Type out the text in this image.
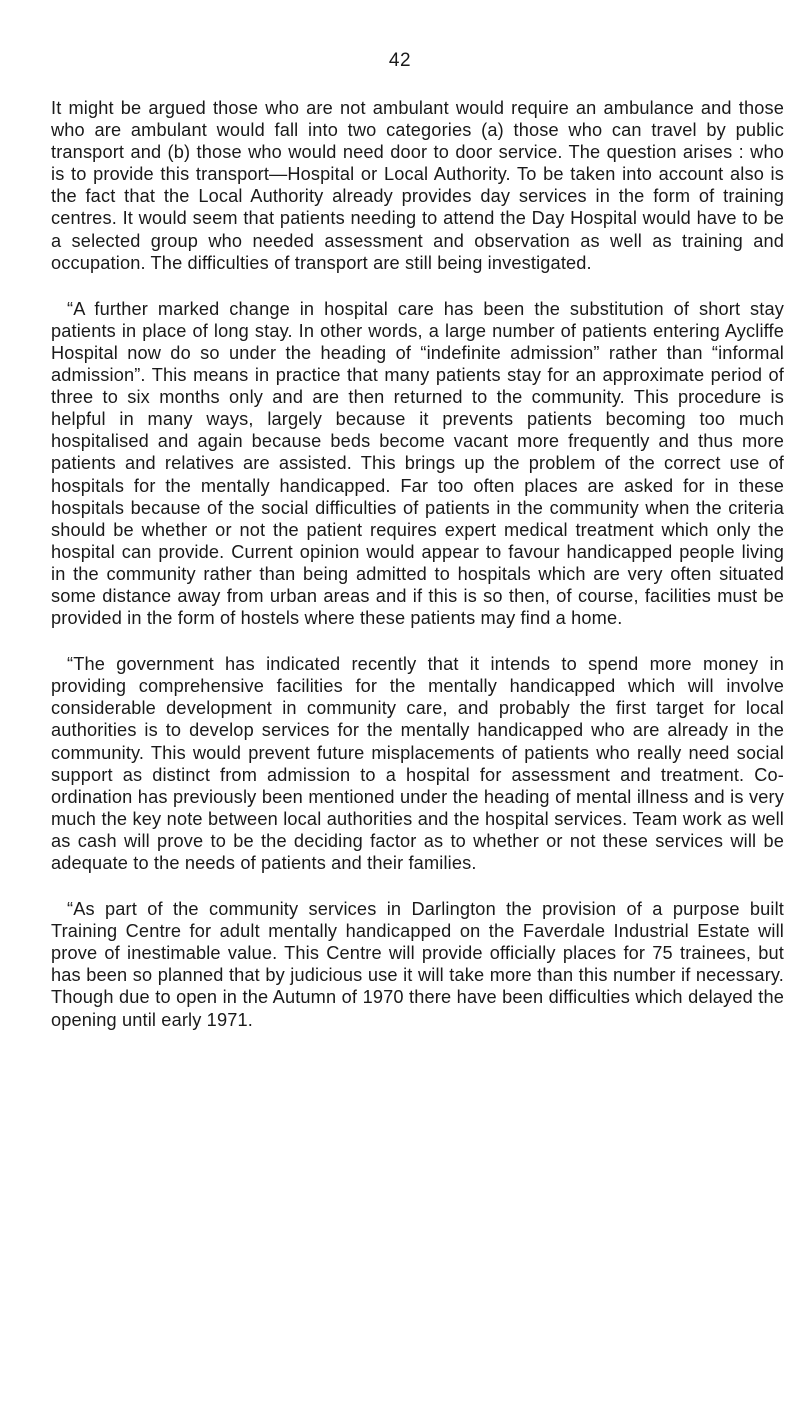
42

It might be argued those who are not ambulant would require an ambulance and those who are ambulant would fall into two categories (a) those who can travel by public transport and (b) those who would need door to door service. The question arises : who is to provide this transport—Hospital or Local Authority. To be taken into account also is the fact that the Local Authority already provides day services in the form of training centres. It would seem that patients needing to attend the Day Hospital would have to be a selected group who needed assessment and observation as well as training and occupation. The difficulties of transport are still being investigated.

“A further marked change in hospital care has been the substitution of short stay patients in place of long stay. In other words, a large number of patients entering Aycliffe Hospital now do so under the heading of “indefinite admission” rather than “informal admission”. This means in practice that many patients stay for an approximate period of three to six months only and are then returned to the community. This procedure is helpful in many ways, largely because it prevents patients becoming too much hospitalised and again because beds become vacant more frequently and thus more patients and relatives are assisted. This brings up the problem of the correct use of hospitals for the mentally handicapped. Far too often places are asked for in these hospitals because of the social difficulties of patients in the community when the criteria should be whether or not the patient requires expert medical treatment which only the hospital can provide. Current opinion would appear to favour handicapped people living in the community rather than being admitted to hospitals which are very often situated some distance away from urban areas and if this is so then, of course, facilities must be provided in the form of hostels where these patients may find a home.

“The government has indicated recently that it intends to spend more money in providing comprehensive facilities for the mentally handicapped which will involve considerable development in community care, and probably the first target for local authorities is to develop services for the mentally handicapped who are already in the community. This would prevent future misplacements of patients who really need social support as distinct from admission to a hospital for assessment and treatment. Co-ordination has previously been mentioned under the heading of mental illness and is very much the key note between local authorities and the hospital services. Team work as well as cash will prove to be the deciding factor as to whether or not these services will be adequate to the needs of patients and their families.

“As part of the community services in Darlington the provision of a purpose built Training Centre for adult mentally handicapped on the Faverdale Industrial Estate will prove of inestimable value. This Centre will provide officially places for 75 trainees, but has been so planned that by judicious use it will take more than this number if necessary. Though due to open in the Autumn of 1970 there have been difficulties which delayed the opening until early 1971.
